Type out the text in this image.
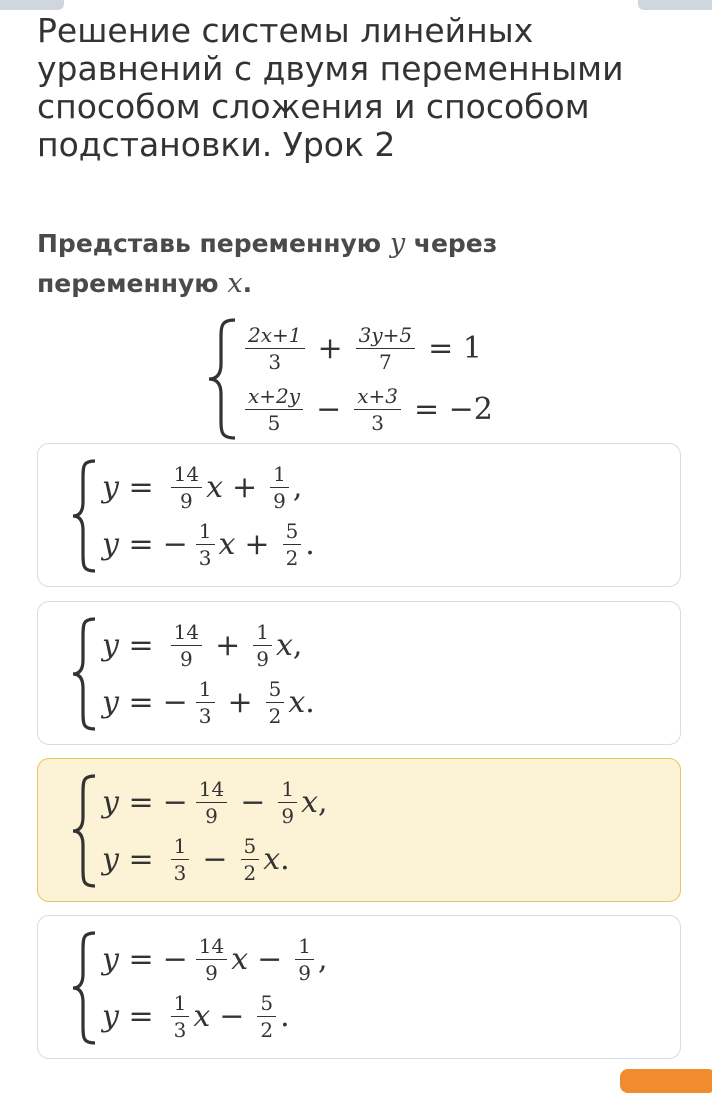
Решение системы линейных уравнений с двумя переменными способом сложения и способом подстановки. Урок 2

Представь переменную y через переменную x.

$\frac{2x+1}{3} + \frac{3y+5}{7} = 1$
$\frac{x+2y}{5} - \frac{x+3}{3} = -2$
$y = \frac{14}{9}$ $x + \frac{1}{9}$ ,
y = − $\frac{1}{3}$ $x + \frac{5}{2}$ .
$y = \frac{14}{9} + \frac{1}{9}$ x ,
y = − $\frac{1}{3} + \frac{5}{2}$ x .
y = − $\frac{14}{9} - \frac{1}{9}$ x ,
$y = \frac{1}{3} - \frac{5}{2}$ x .
y = − $\frac{14}{9}$ $x - \frac{1}{9}$ ,
$y = \frac{1}{3}$ $x - \frac{5}{2}$ .
